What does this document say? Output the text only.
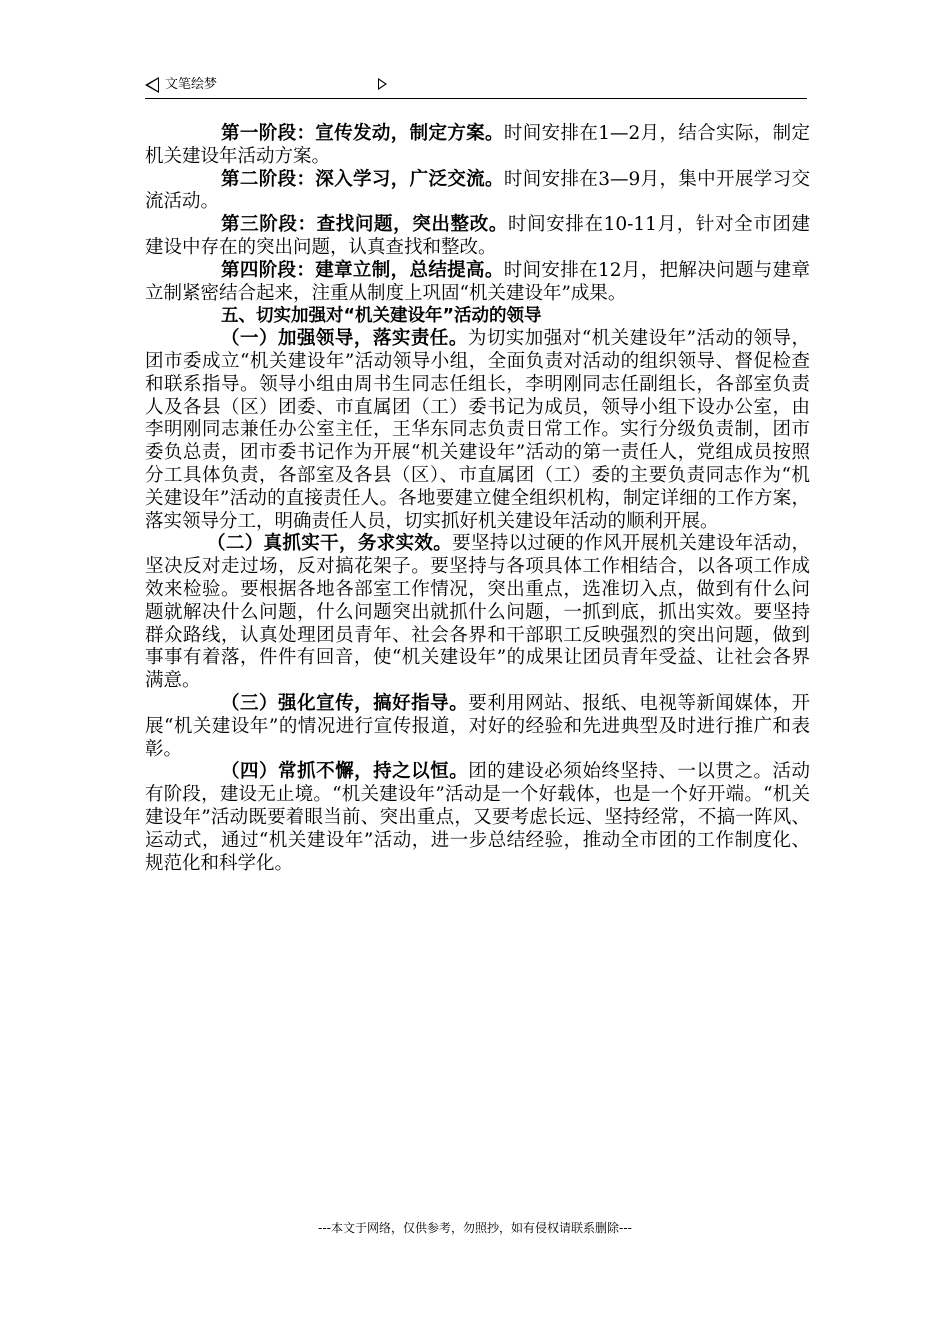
文笔绘梦

第一阶段：宣传发动，制定方案。时间安排在1—2月，结合实际，制定机关建设年活动方案。

第二阶段：深入学习，广泛交流。时间安排在3—9月，集中开展学习交流活动。

第三阶段：查找问题，突出整改。时间安排在10-11月，针对全市团建建设中存在的突出问题，认真查找和整改。

第四阶段：建章立制，总结提高。时间安排在12月，把解决问题与建章立制紧密结合起来，注重从制度上巩固“机关建设年”成果。

五、切实加强对“机关建设年”活动的领导

（一）加强领导，落实责任。为切实加强对“机关建设年”活动的领导，团市委成立“机关建设年”活动领导小组，全面负责对活动的组织领导、督促检查和联系指导。领导小组由周书生同志任组长，李明刚同志任副组长，各部室负责人及各县（区）团委、市直属团（工）委书记为成员，领导小组下设办公室，由李明刚同志兼任办公室主任，王华东同志负责日常工作。实行分级负责制，团市委负总责，团市委书记作为开展“机关建设年”活动的第一责任人，党组成员按照分工具体负责，各部室及各县（区）、市直属团（工）委的主要负责同志作为“机关建设年”活动的直接责任人。各地要建立健全组织机构，制定详细的工作方案，落实领导分工，明确责任人员，切实抓好机关建设年活动的顺利开展。

（二）真抓实干，务求实效。要坚持以过硬的作风开展机关建设年活动，坚决反对走过场，反对搞花架子。要坚持与各项具体工作相结合，以各项工作成效来检验。要根据各地各部室工作情况，突出重点，选准切入点，做到有什么问题就解决什么问题，什么问题突出就抓什么问题，一抓到底，抓出实效。要坚持群众路线，认真处理团员青年、社会各界和干部职工反映强烈的突出问题，做到事事有着落，件件有回音，使“机关建设年”的成果让团员青年受益、让社会各界满意。

（三）强化宣传，搞好指导。要利用网站、报纸、电视等新闻媒体，开展“机关建设年”的情况进行宣传报道，对好的经验和先进典型及时进行推广和表彰。

（四）常抓不懈，持之以恒。团的建设必须始终坚持、一以贯之。活动有阶段，建设无止境。“机关建设年”活动是一个好载体，也是一个好开端。“机关建设年”活动既要着眼当前、突出重点，又要考虑长远、坚持经常，不搞一阵风、运动式，通过“机关建设年”活动，进一步总结经验，推动全市团的工作制度化、规范化和科学化。

---本文于网络，仅供参考，勿照抄，如有侵权请联系删除---
